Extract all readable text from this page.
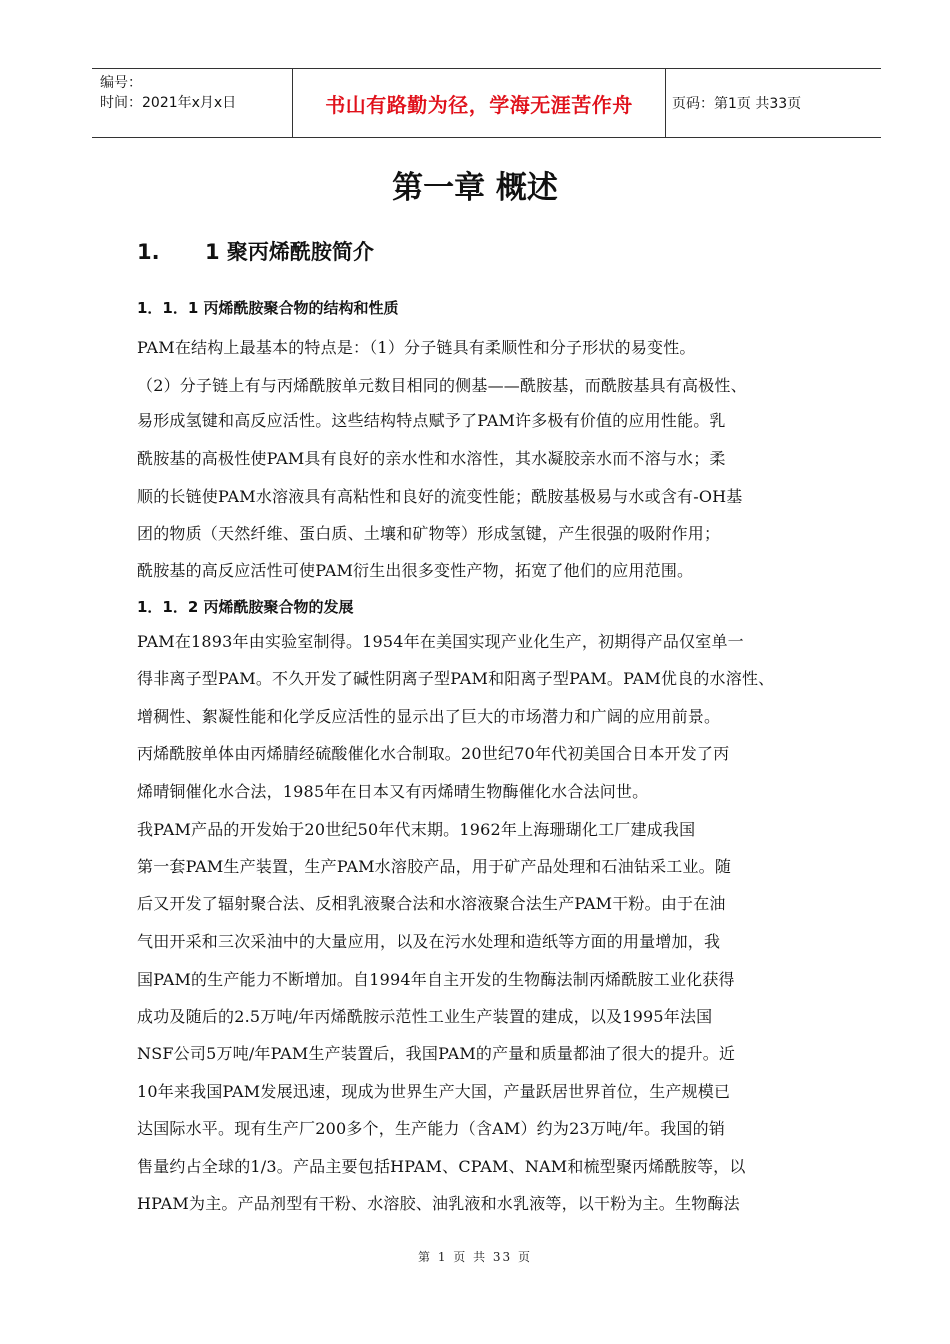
编号：
时间：2021年x月x日	书山有路勤为径，学海无涯苦作舟	页码：第1页 共33页
第一章 概述
1. 1 聚丙烯酰胺简介
1．1．1 丙烯酰胺聚合物的结构和性质
PAM在结构上最基本的特点是：（1）分子链具有柔顺性和分子形状的易变性。
（2）分子链上有与丙烯酰胺单元数目相同的侧基——酰胺基，而酰胺基具有高极性、
易形成氢键和高反应活性。这些结构特点赋予了PAM许多极有价值的应用性能。乳
酰胺基的高极性使PAM具有良好的亲水性和水溶性，其水凝胶亲水而不溶与水；柔
顺的长链使PAM水溶液具有高粘性和良好的流变性能；酰胺基极易与水或含有-OH基
团的物质（天然纤维、蛋白质、土壤和矿物等）形成氢键，产生很强的吸附作用；
酰胺基的高反应活性可使PAM衍生出很多变性产物，拓宽了他们的应用范围。
1．1．2 丙烯酰胺聚合物的发展
PAM在1893年由实验室制得。1954年在美国实现产业化生产，初期得产品仅室单一
得非离子型PAM。不久开发了碱性阴离子型PAM和阳离子型PAM。PAM优良的水溶性、
增稠性、絮凝性能和化学反应活性的显示出了巨大的市场潜力和广阔的应用前景。
丙烯酰胺单体由丙烯腈经硫酸催化水合制取。20世纪70年代初美国合日本开发了丙
烯晴铜催化水合法，1985年在日本又有丙烯晴生物酶催化水合法问世。
我PAM产品的开发始于20世纪50年代末期。1962年上海珊瑚化工厂建成我国
第一套PAM生产装置，生产PAM水溶胶产品，用于矿产品处理和石油钻采工业。随
后又开发了辐射聚合法、反相乳液聚合法和水溶液聚合法生产PAM干粉。由于在油
气田开采和三次采油中的大量应用，以及在污水处理和造纸等方面的用量增加，我
国PAM的生产能力不断增加。自1994年自主开发的生物酶法制丙烯酰胺工业化获得
成功及随后的2.5万吨/年丙烯酰胺示范性工业生产装置的建成，以及1995年法国
NSF公司5万吨/年PAM生产装置后，我国PAM的产量和质量都油了很大的提升。近
10年来我国PAM发展迅速，现成为世界生产大国，产量跃居世界首位，生产规模已
达国际水平。现有生产厂200多个，生产能力（含AM）约为23万吨/年。我国的销
售量约占全球的1/3。产品主要包括HPAM、CPAM、NAM和梳型聚丙烯酰胺等，以
HPAM为主。产品剂型有干粉、水溶胶、油乳液和水乳液等，以干粉为主。生物酶法
第 1 页 共 33 页
